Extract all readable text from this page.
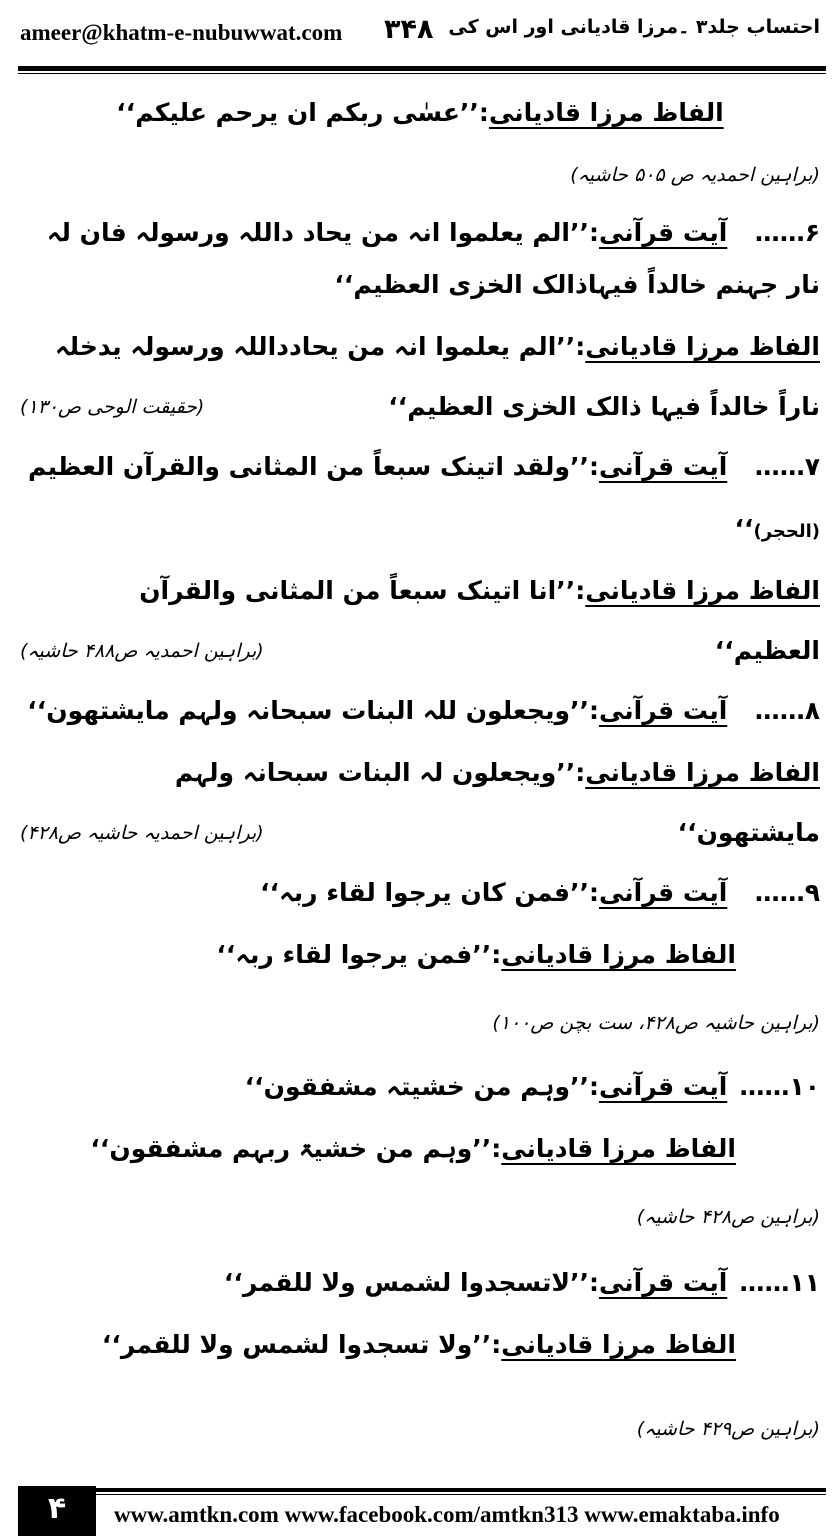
ameer@khatm-e-nubuwwat.com ۳۴۸ احتساب جلد۳ ۔مرزا قادیانی اور اس کی
الفاظ مرزا قادیانی:’’عسٰی ربکم ان یرحم علیکم‘‘
(براہین احمدیہ ص ۵۰۵ حاشیہ)
۶…… آیت قرآنی:’’الم یعلموا انہ من یحاد داللہ ورسولہ فان لہ
نار جہنم خالداً فیہاذالک الخزی العظیم‘‘
الفاظ مرزا قادیانی:’’الم یعلموا انہ من یحادداللہ ورسولہ یدخلہ
ناراً خالداً فیہا ذالک الخزی العظیم‘‘
(حقیقت الوحی ص۱۳۰)
۷…… آیت قرآنی:’’ولقد اتینک سبعاً من المثانی والقرآن العظیم
(الحجر)‘‘
الفاظ مرزا قادیانی:’’انا اتینک سبعاً من المثانی والقرآن
العظیم‘‘
(براہین احمدیہ ص۴۸۸ حاشیہ)
۸…… آیت قرآنی:’’ویجعلون للہ البنات سبحانہ ولہم مایشتھون‘‘
الفاظ مرزا قادیانی:’’ویجعلون لہ البنات سبحانہ ولہم
مایشتھون‘‘
(براہین احمدیہ حاشیہ ص۴۲۸)
۹…… آیت قرآنی:’’فمن کان یرجوا لقاء ربہ‘‘
الفاظ مرزا قادیانی:’’فمن یرجوا لقاء ربہ‘‘
(براہین حاشیہ ص۴۲۸، ست بچن ص۱۰۰)
۱۰…… آیت قرآنی:’’وہم من خشیتہ مشفقون‘‘
الفاظ مرزا قادیانی:’’وہم من خشیۃ ربہم مشفقون‘‘
(براہین ص۴۲۸ حاشیہ)
۱۱…… آیت قرآنی:’’لاتسجدوا لشمس ولا للقمر‘‘
الفاظ مرزا قادیانی:’’ولا تسجدوا لشمس ولا للقمر‘‘
(براہین ص۴۲۹ حاشیہ)
۴	www.amtkn.com www.facebook.com/amtkn313 www.emaktaba.info
